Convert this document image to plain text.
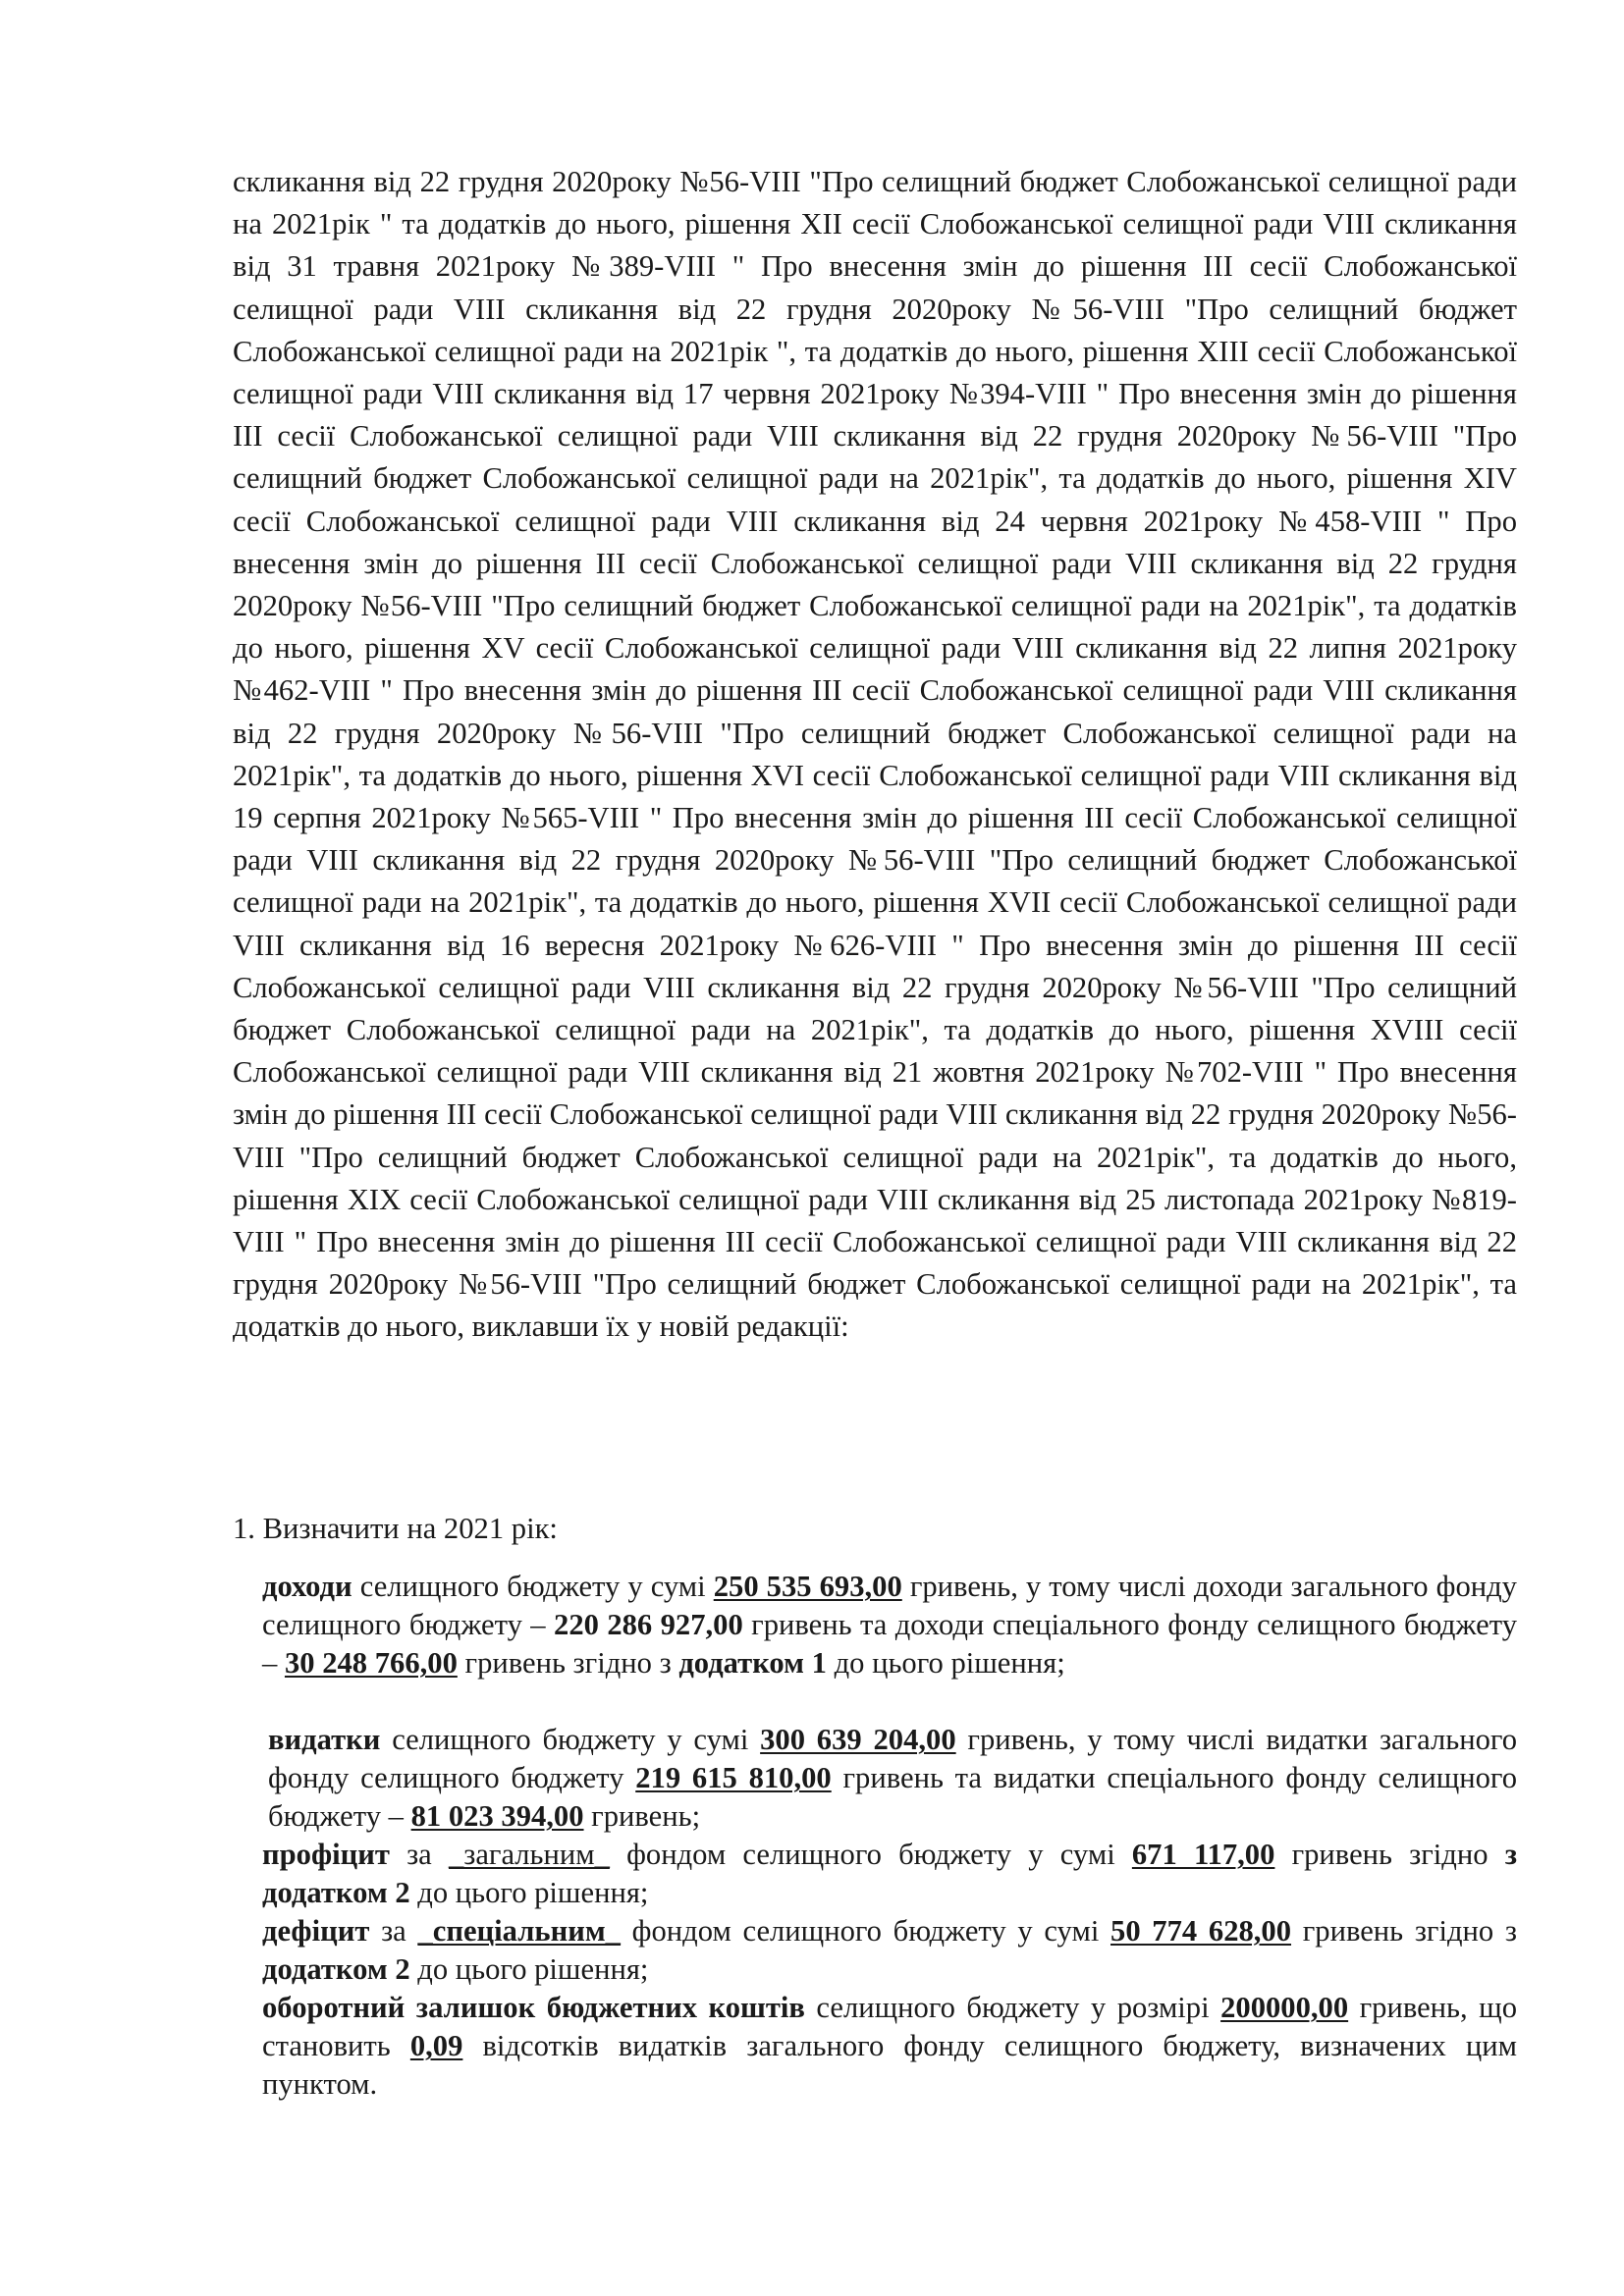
скликання від 22 грудня 2020року №56-VIII "Про селищний бюджет Слобожанської селищної ради на 2021рік " та додатків до нього, рішення XII сесії Слобожанської селищної ради VIII скликання від 31 травня 2021року №389-VIII " Про внесення змін до рішення ІІІ сесії Слобожанської селищної ради VIII скликання від 22 грудня 2020року №56-VIII "Про селищний бюджет Слобожанської селищної ради на 2021рік ", та додатків до нього, рішення XIII сесії Слобожанської селищної ради VIII скликання від 17 червня 2021року №394-VIII " Про внесення змін до рішення ІІІ сесії Слобожанської селищної ради VIII скликання від 22 грудня 2020року №56-VIII "Про селищний бюджет Слобожанської селищної ради на 2021рік", та додатків до нього, рішення XIV сесії Слобожанської селищної ради VIII скликання від 24 червня 2021року №458-VIII " Про внесення змін до рішення ІІІ сесії Слобожанської селищної ради VIII скликання від 22 грудня 2020року №56-VIII "Про селищний бюджет Слобожанської селищної ради на 2021рік", та додатків до нього, рішення XV сесії Слобожанської селищної ради VIII скликання від 22 липня 2021року №462-VIII " Про внесення змін до рішення ІІІ сесії Слобожанської селищної ради VIII скликання від 22 грудня 2020року №56-VIII "Про селищний бюджет Слобожанської селищної ради на 2021рік", та додатків до нього, рішення XVI сесії Слобожанської селищної ради VIII скликання від 19 серпня 2021року №565-VIII " Про внесення змін до рішення ІІІ сесії Слобожанської селищної ради VIII скликання від 22 грудня 2020року №56-VIII "Про селищний бюджет Слобожанської селищної ради на 2021рік", та додатків до нього, рішення XVII сесії Слобожанської селищної ради VIII скликання від 16 вересня 2021року №626-VIII " Про внесення змін до рішення ІІІ сесії Слобожанської селищної ради VIII скликання від 22 грудня 2020року №56-VIII "Про селищний бюджет Слобожанської селищної ради на 2021рік", та додатків до нього, рішення XVIII сесії Слобожанської селищної ради VIII скликання від 21 жовтня 2021року №702-VIII " Про внесення змін до рішення ІІІ сесії Слобожанської селищної ради VIII скликання від 22 грудня 2020року №56-VIII "Про селищний бюджет Слобожанської селищної ради на 2021рік", та додатків до нього, рішення XIX сесії Слобожанської селищної ради VIII скликання від 25 листопада 2021року №819-VIII " Про внесення змін до рішення ІІІ сесії Слобожанської селищної ради VIII скликання від 22 грудня 2020року №56-VIII "Про селищний бюджет Слобожанської селищної ради на 2021рік", та додатків до нього, виклавши їх у новій редакції:

1. Визначити на 2021 рік:

доходи селищного бюджету у сумі 250 535 693,00 гривень, у тому числі доходи загального фонду селищного бюджету – 220 286 927,00 гривень та доходи спеціального фонду селищного бюджету – 30 248 766,00 гривень згідно з додатком 1 до цього рішення;

видатки селищного бюджету у сумі 300 639 204,00 гривень, у тому числі видатки загального фонду селищного бюджету 219 615 810,00 гривень та видатки спеціального фонду селищного бюджету – 81 023 394,00 гривень;

профіцит за _загальним_ фондом селищного бюджету у сумі 671 117,00 гривень згідно з додатком 2 до цього рішення;

дефіцит за _спеціальним_ фондом селищного бюджету у сумі 50 774 628,00 гривень згідно з додатком 2 до цього рішення;

оборотний залишок бюджетних коштів селищного бюджету у розмірі 200000,00 гривень, що становить 0,09 відсотків видатків загального фонду селищного бюджету, визначених цим пунктом.
